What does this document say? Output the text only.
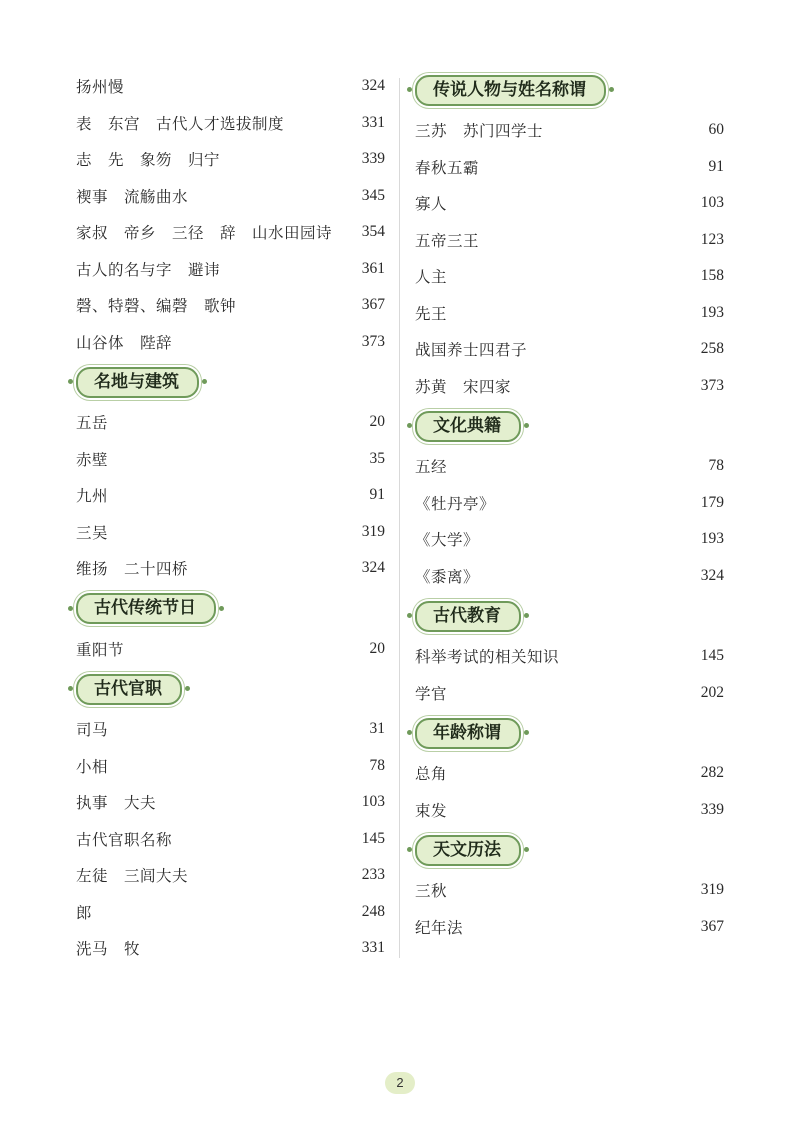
扬州慢	324
表　东宫　古代人才选拔制度	331
志　先　象笏　归宁	339
褉事　流觞曲水	345
家叔　帝乡　三径　辞　山水田园诗 354
古人的名与字　避讳	361
磬、特磬、编磬　歌钟	367
山谷体　陛辞	373
名地与建筑
五岳	20
赤壁	35
九州	91
三吴	319
维扬　二十四桥	324
古代传统节日
重阳节	20
古代官职
司马	31
小相	78
执事　大夫	103
古代官职名称	145
左徒　三闾大夫	233
郎	248
洗马　牧	331
传说人物与姓名称谓
三苏　苏门四学士	60
春秋五霸	91
寡人	103
五帝三王	123
人主	158
先王	193
战国养士四君子	258
苏黄　宋四家	373
文化典籍
五经	78
《牡丹亭》	179
《大学》	193
《黍离》	324
古代教育
科举考试的相关知识	145
学官	202
年龄称谓
总角	282
束发	339
天文历法
三秋	319
纪年法	367
2
